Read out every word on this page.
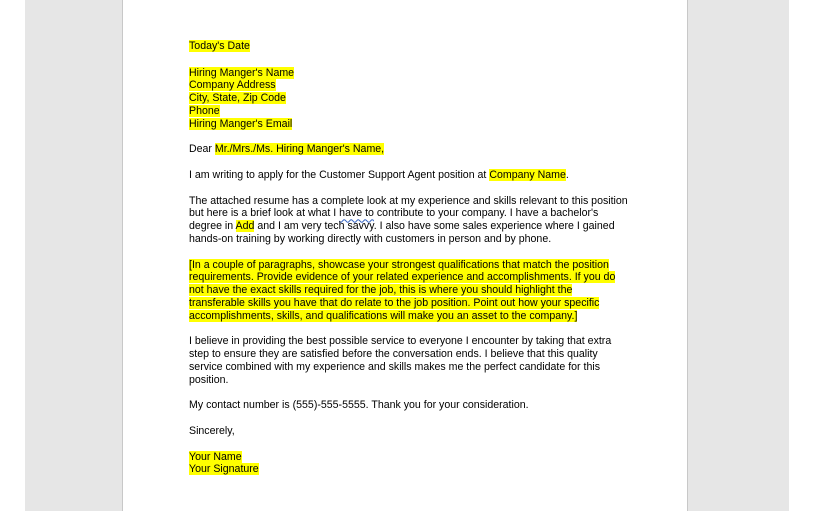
Today's Date

Hiring Manger's Name

Company Address

City, State, Zip Code

Phone

Hiring Manger's Email

Dear Mr./Mrs./Ms. Hiring Manger's Name,

I am writing to apply for the Customer Support Agent position at Company Name.

The attached resume has a complete look at my experience and skills relevant to this position but here is a brief look at what I have to contribute to your company. I have a bachelor's degree in Add and I am very tech savvy. I also have some sales experience where I gained hands-on training by working directly with customers in person and by phone.

[In a couple of paragraphs, showcase your strongest qualifications that match the position requirements. Provide evidence of your related experience and accomplishments. If you do not have the exact skills required for the job, this is where you should highlight the transferable skills you have that do relate to the job position. Point out how your specific accomplishments, skills, and qualifications will make you an asset to the company.]

I believe in providing the best possible service to everyone I encounter by taking that extra step to ensure they are satisfied before the conversation ends. I believe that this quality service combined with my experience and skills makes me the perfect candidate for this position.

My contact number is (555)-555-5555. Thank you for your consideration.

Sincerely,

Your Name

Your Signature
